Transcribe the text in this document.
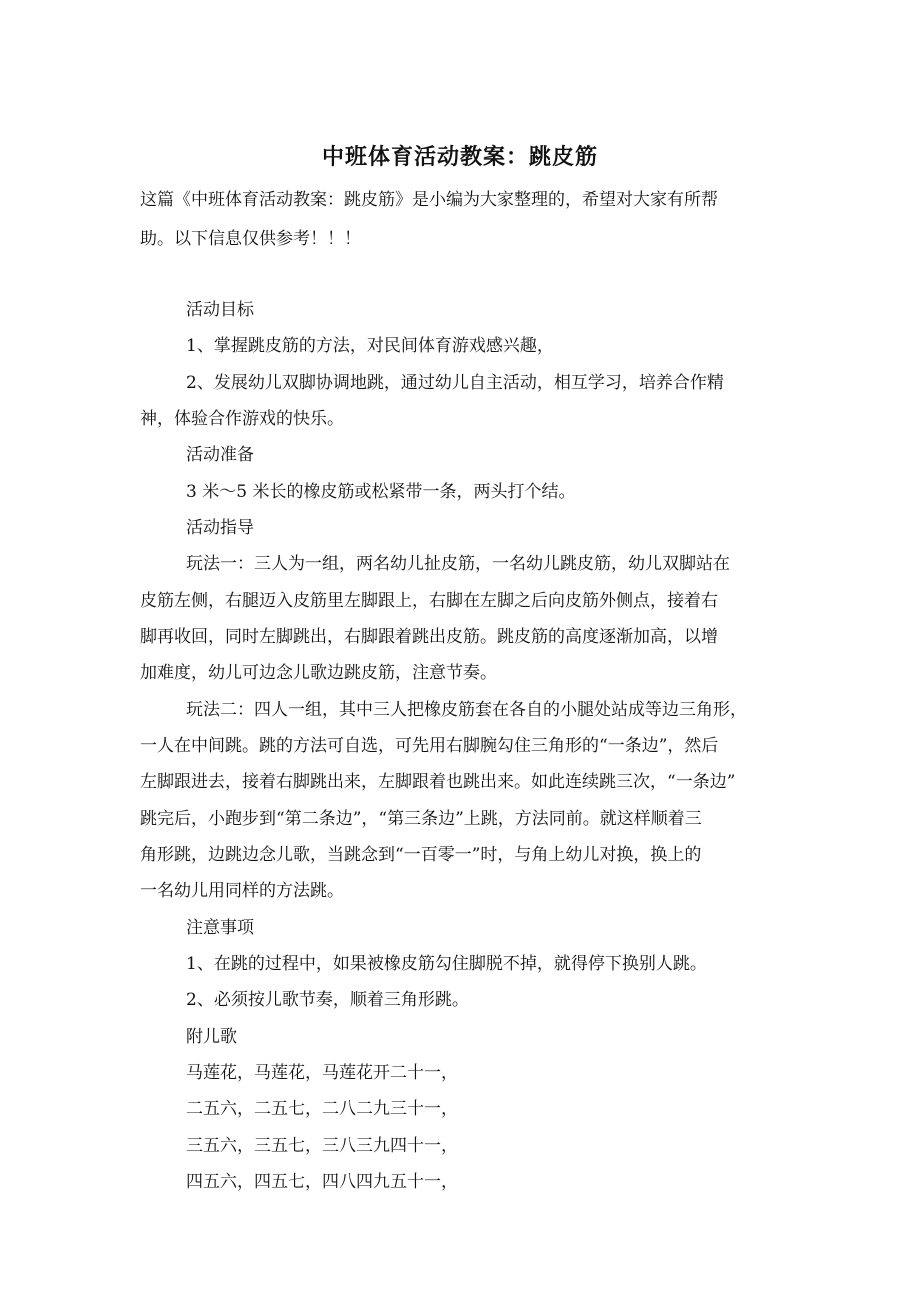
中班体育活动教案：跳皮筋
这篇《中班体育活动教案：跳皮筋》是小编为大家整理的，希望对大家有所帮
助。以下信息仅供参考！！！
活动目标
1、掌握跳皮筋的方法，对民间体育游戏感兴趣，
2、发展幼儿双脚协调地跳，通过幼儿自主活动，相互学习，培养合作精
神，体验合作游戏的快乐。
活动准备
3 米～5 米长的橡皮筋或松紧带一条，两头打个结。
活动指导
玩法一：三人为一组，两名幼儿扯皮筋，一名幼儿跳皮筋，幼儿双脚站在
皮筋左侧，右腿迈入皮筋里左脚跟上，右脚在左脚之后向皮筋外侧点，接着右
脚再收回，同时左脚跳出，右脚跟着跳出皮筋。跳皮筋的高度逐渐加高，以增
加难度，幼儿可边念儿歌边跳皮筋，注意节奏。
玩法二：四人一组，其中三人把橡皮筋套在各自的小腿处站成等边三角形，
一人在中间跳。跳的方法可自选，可先用右脚腕勾住三角形的“一条边”，然后
左脚跟进去，接着右脚跳出来，左脚跟着也跳出来。如此连续跳三次，“一条边”
跳完后，小跑步到“第二条边”，“第三条边”上跳，方法同前。就这样顺着三
角形跳，边跳边念儿歌，当跳念到“一百零一”时，与角上幼儿对换，换上的
一名幼儿用同样的方法跳。
注意事项
1、在跳的过程中，如果被橡皮筋勾住脚脱不掉，就得停下换别人跳。
2、必须按儿歌节奏，顺着三角形跳。
附儿歌
马莲花，马莲花，马莲花开二十一，
二五六，二五七，二八二九三十一，
三五六，三五七，三八三九四十一，
四五六，四五七，四八四九五十一，
